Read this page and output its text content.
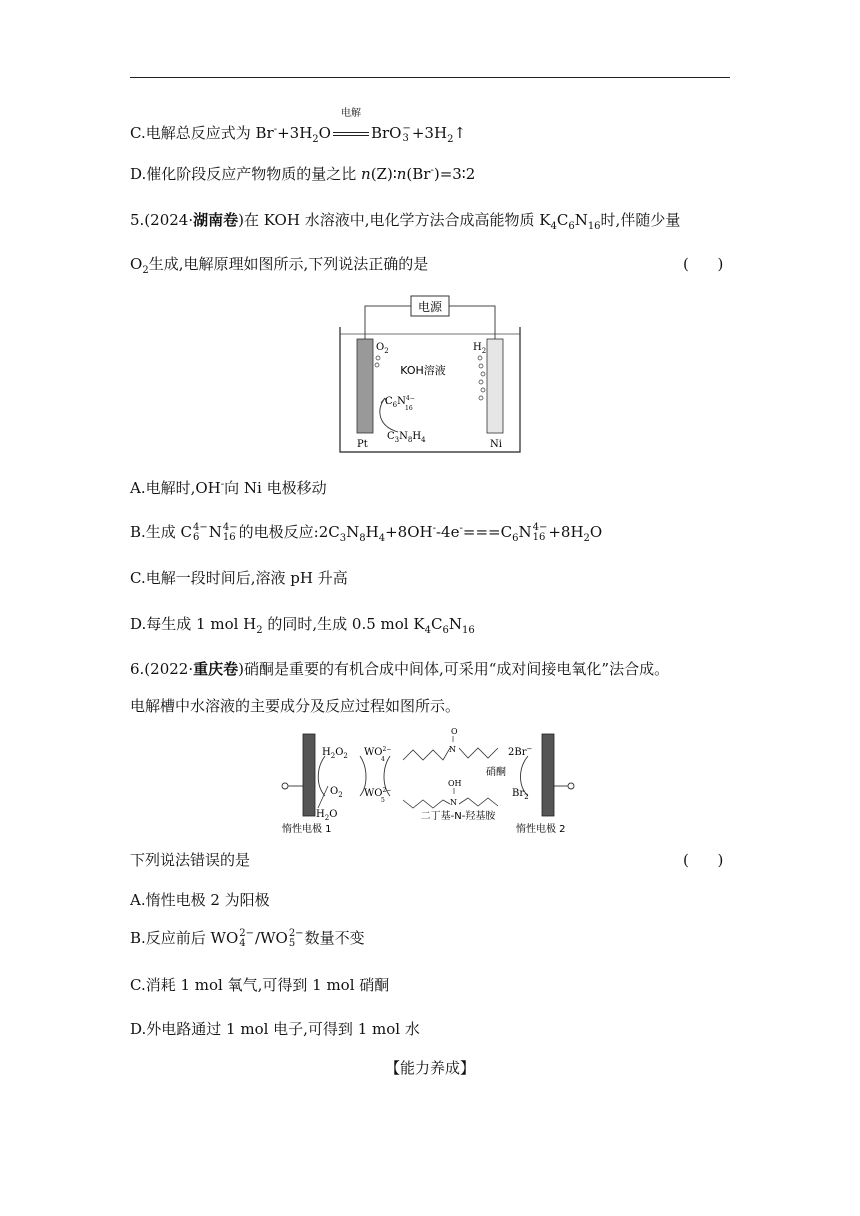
C.电解总反应式为 $Br^-+3H_2O$
电解
BrO −
$3 +3H_2↑$
D.催化阶段反应产物物质的量之比 n(Z)∶n(Br-)=3∶2
5.(2024·湖南卷)在 KOH 水溶液中,电化学方法合成高能物质 $K_4C_6N_{16}$时,伴随少量
$O_2$生成,电解原理如图所示,下列说法正确的是	(      )
电源
$O_2$	$H_2$
KOH溶液
$C_6N^{4-}$
16
$C_3N_8H_4$
Pt	Ni
A.电解时,OH-向 Ni 电极移动
B.生成 C 4−
6 N 4−
16 的电极反应$:2C_3N_8H_4+8OH^--4e^-===C_6N$ 4−
$16 +8H_2O$
C.电解一段时间后,溶液 pH 升高
D.每生成 1 mol $H_2$ 的同时,生成 0.5 mol $K_4C_6N_{16}$
6.(2022·重庆卷)硝酮是重要的有机合成中间体,可采用“成对间接电氧化”法合成。
电解槽中水溶液的主要成分及反应过程如图所示。
$H_2O_2$
$O_2$
$H_2O$
$WO^{2-}$
4
$WO^{2-}$
5
O
N
硝酮
OH
N
二丁基-N-羟基胺
2Br−
$Br_2$
惰性电极 1	惰性电极 2
下列说法错误的是	(      )
A.惰性电极 2 为阳极
B.反应前后 WO 2−
4 /WO 2−
5 数量不变
C.消耗 1 mol 氧气,可得到 1 mol 硝酮
D.外电路通过 1 mol 电子,可得到 1 mol 水
【能力养成】
